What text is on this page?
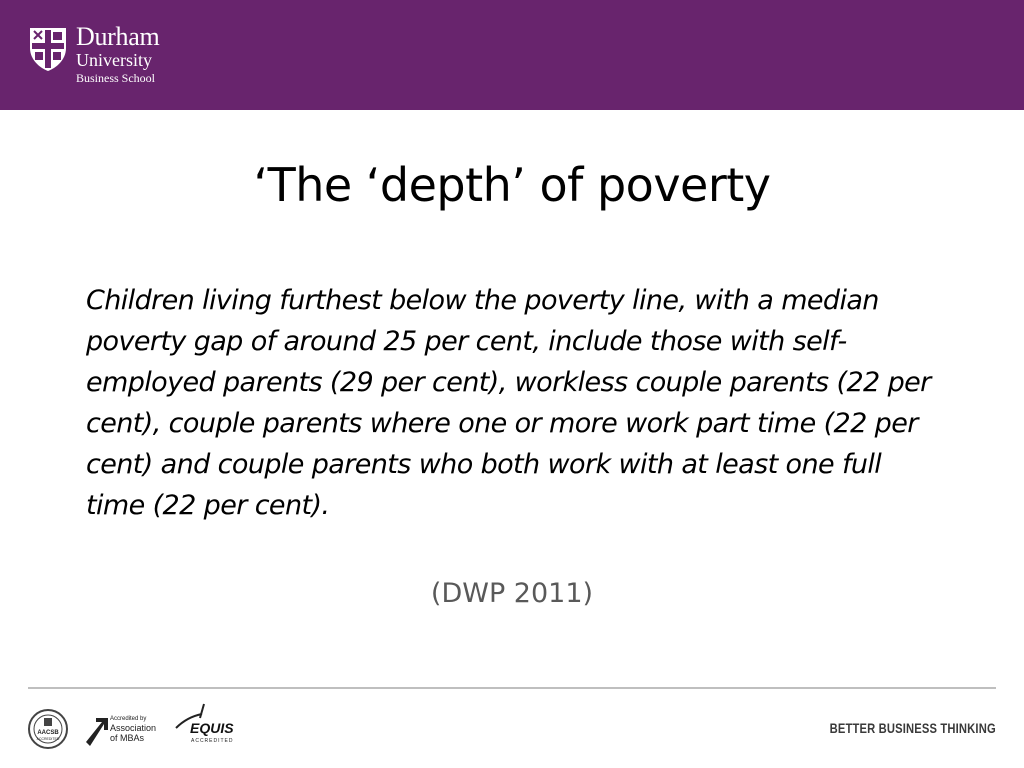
Durham
University
Business School
‘The ‘depth’ of poverty
Children living furthest below the poverty line, with a median poverty gap of around 25 per cent, include those with self-employed parents (29 per cent), workless couple parents (22 per cent), couple parents where one or more work part time (22 per cent) and couple parents who both work with at least one full time (22 per cent).
(DWP 2011)
AACSB
ACCREDITED
Accredited by
Association
of MBAs
EQUIS
ACCREDITED
BETTER BUSINESS THINKING
